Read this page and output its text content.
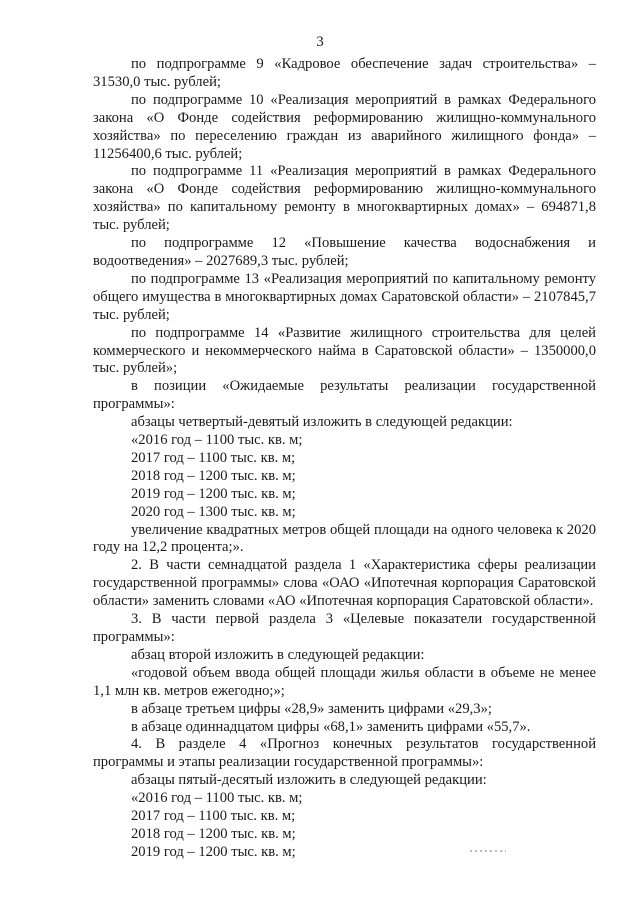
3

по подпрограмме 9 «Кадровое обеспечение задач строительства» – 31530,0 тыс. рублей;

по подпрограмме 10 «Реализация мероприятий в рамках Федерального закона «О Фонде содействия реформированию жилищно-коммунального хозяйства» по переселению граждан из аварийного жилищного фонда» – 11256400,6 тыс. рублей;

по подпрограмме 11 «Реализация мероприятий в рамках Федерального закона «О Фонде содействия реформированию жилищно-коммунального хозяйства» по капитальному ремонту в многоквартирных домах» – 694871,8 тыс. рублей;

по подпрограмме 12 «Повышение качества водоснабжения и водоотведения» – 2027689,3 тыс. рублей;

по подпрограмме 13 «Реализация мероприятий по капитальному ремонту общего имущества в многоквартирных домах Саратовской области» – 2107845,7 тыс. рублей;

по подпрограмме 14 «Развитие жилищного строительства для целей коммерческого и некоммерческого найма в Саратовской области» – 1350000,0 тыс. рублей»;

в позиции «Ожидаемые результаты реализации государственной программы»:

абзацы четвертый-девятый изложить в следующей редакции:

«2016 год – 1100 тыс. кв. м;

2017 год – 1100 тыс. кв. м;

2018 год – 1200 тыс. кв. м;

2019 год – 1200 тыс. кв. м;

2020 год – 1300 тыс. кв. м;

увеличение квадратных метров общей площади на одного человека к 2020 году на 12,2 процента;».

2. В части семнадцатой раздела 1 «Характеристика сферы реализации государственной программы» слова «ОАО «Ипотечная корпорация Саратовской области» заменить словами «АО «Ипотечная корпорация Саратовской области».

3. В части первой раздела 3 «Целевые показатели государственной программы»:

абзац второй изложить в следующей редакции:

«годовой объем ввода общей площади жилья области в объеме не менее 1,1 млн кв. метров ежегодно;»;

в абзаце третьем цифры «28,9» заменить цифрами «29,3»;

в абзаце одиннадцатом цифры «68,1» заменить цифрами «55,7».

4. В разделе 4 «Прогноз конечных результатов государственной программы и этапы реализации государственной программы»:

абзацы пятый-десятый изложить в следующей редакции:

«2016 год – 1100 тыс. кв. м;

2017 год – 1100 тыс. кв. м;

2018 год – 1200 тыс. кв. м;

2019 год – 1200 тыс. кв. м;
